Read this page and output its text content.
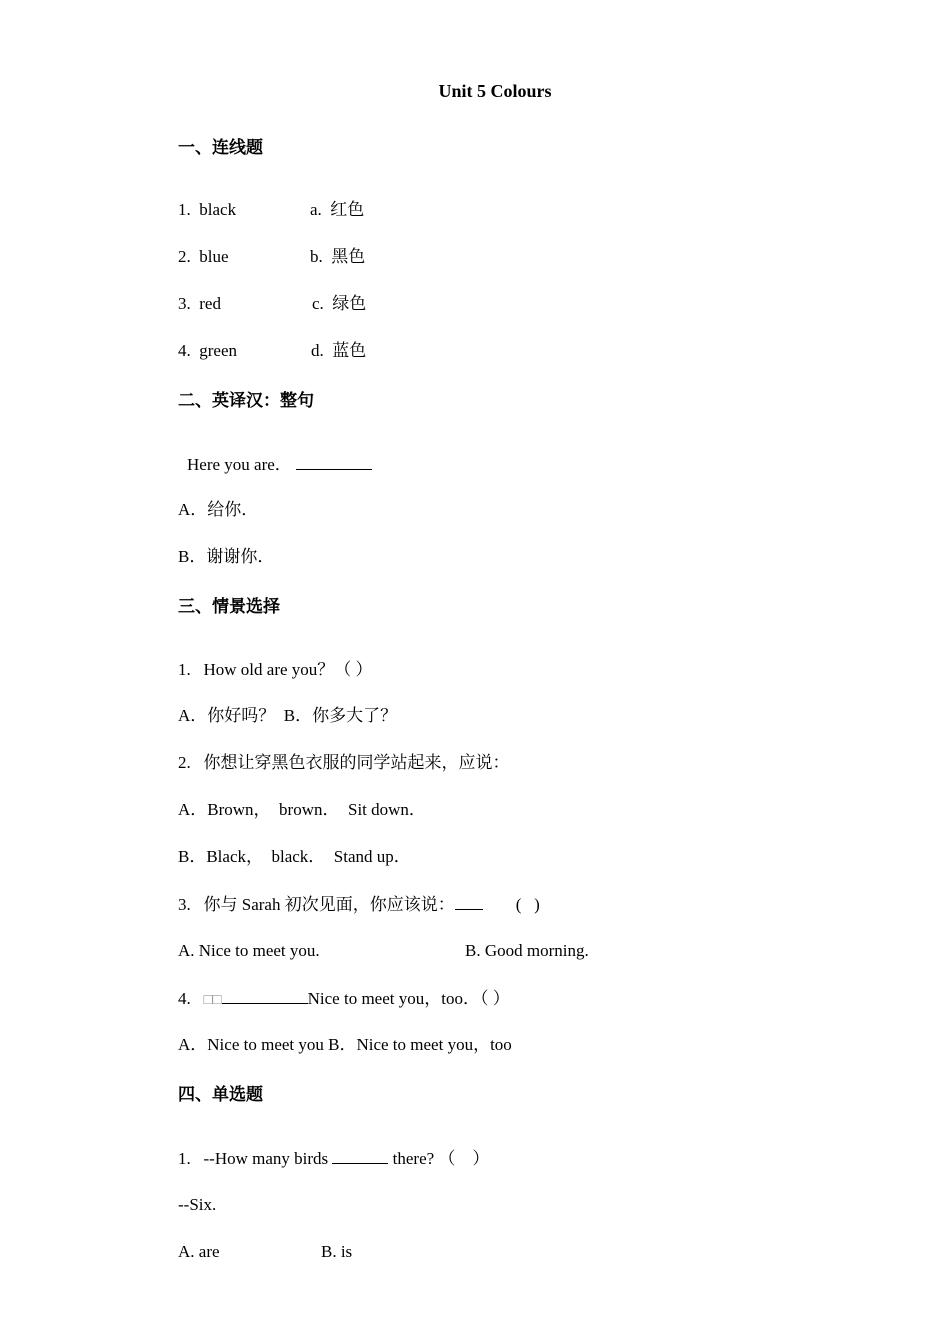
Unit 5 Colours
一、连线题
1.  black	a.  红色
2.  blue	b.  黑色
3.  red	c.  绿色
4.  green	d.  蓝色
二、英译汉：整句
Here you are．
A．给你．
B．谢谢你．
三、情景选择
1.   How old are you？（ ）
A．你好吗？  B．你多大了？
2.   你想让穿黑色衣服的同学站起来，应说：
A．Brown，  brown．  Sit down．
B．Black，  black．  Stand up．
3.   你与 Sarah 初次见面，你应该说：	(   )
A. Nice to meet you.	B. Good morning.
4.   □□	Nice to meet you，too．（ ）
A．Nice to meet you B．Nice to meet you，too
四、单选题
1.   --How many birds	there? （    ）
--Six.
A. are	B. is
